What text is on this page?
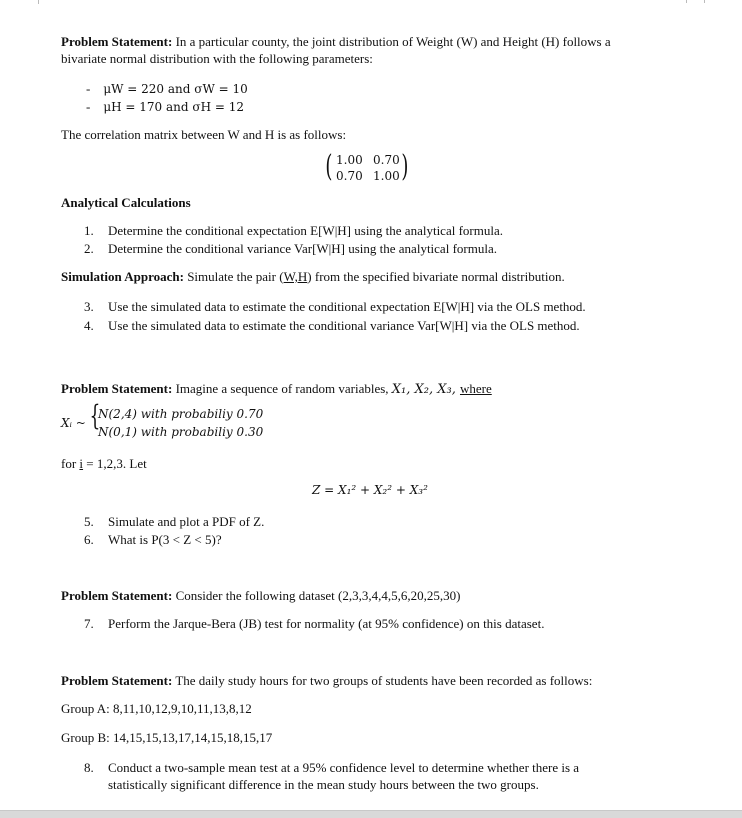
Problem Statement: In a particular county, the joint distribution of Weight (W) and Height (H) follows a
bivariate normal distribution with the following parameters:
-    μW = 220 and σW = 10
-    μH = 170 and σH = 12
The correlation matrix between W and H is as follows:
( 1.00 0.70
0.70 1.00 )
Analytical Calculations
1. Determine the conditional expectation E[W|H] using the analytical formula.
2. Determine the conditional variance Var[W|H] using the analytical formula.
Simulation Approach: Simulate the pair (W,H) from the specified bivariate normal distribution.
3. Use the simulated data to estimate the conditional expectation E[W|H] via the OLS method.
4. Use the simulated data to estimate the conditional variance Var[W|H] via the OLS method.
Problem Statement: Imagine a sequence of random variables, X₁, X₂, X₃, where
Xᵢ ~ {
N(2,4) with probabiliy 0.70
N(0,1) with probabiliy 0.30
for i = 1,2,3. Let
Z = X₁² + X₂² + X₃²
5. Simulate and plot a PDF of Z.
6. What is P(3 < Z < 5)?
Problem Statement: Consider the following dataset (2,3,3,4,4,5,6,20,25,30)
7. Perform the Jarque-Bera (JB) test for normality (at 95% confidence) on this dataset.
Problem Statement: The daily study hours for two groups of students have been recorded as follows:
Group A: 8,11,10,12,9,10,11,13,8,12
Group B: 14,15,15,13,17,14,15,18,15,17
8. Conduct a two-sample mean test at a 95% confidence level to determine whether there is a
statistically significant difference in the mean study hours between the two groups.
